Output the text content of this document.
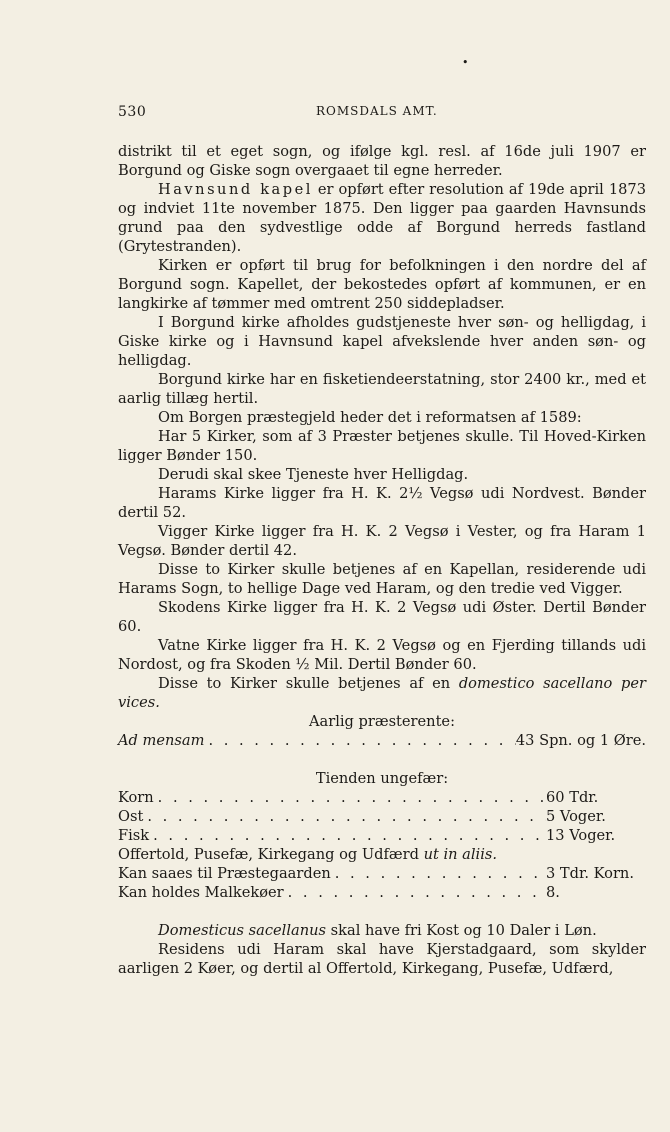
•
530	ROMSDALS AMT.

distrikt til et eget sogn, og ifølge kgl. resl. af 16de juli 1907 er Borgund og Giske sogn overgaaet til egne herreder.

Havnsund kapel er opført efter resolution af 19de april 1873 og indviet 11te november 1875. Den ligger paa gaarden Havnsunds grund paa den sydvestlige odde af Borgund herreds fastland (Grytestranden).

Kirken er opført til brug for befolkningen i den nordre del af Borgund sogn. Kapellet, der bekostedes opført af kommunen, er en langkirke af tømmer med omtrent 250 siddepladser.

I Borgund kirke afholdes gudstjeneste hver søn- og helligdag, i Giske kirke og i Havnsund kapel afvekslende hver anden søn- og helligdag.

Borgund kirke har en fisketiendeerstatning, stor 2400 kr., med et aarlig tillæg hertil.

Om Borgen præstegjeld heder det i reformatsen af 1589:

Har 5 Kirker, som af 3 Præster betjenes skulle. Til Hoved-Kirken ligger Bønder 150.

Derudi skal skee Tjeneste hver Helligdag.

Harams Kirke ligger fra H. K. 2½ Vegsø udi Nordvest. Bønder dertil 52.

Vigger Kirke ligger fra H. K. 2 Vegsø i Vester, og fra Haram 1 Vegsø. Bønder dertil 42.

Disse to Kirker skulle betjenes af en Kapellan, residerende udi Harams Sogn, to hellige Dage ved Haram, og den tredie ved Vigger.

Skodens Kirke ligger fra H. K. 2 Vegsø udi Øster. Dertil Bønder 60.

Vatne Kirke ligger fra H. K. 2 Vegsø og en Fjerding tillands udi Nordost, og fra Skoden ½ Mil. Dertil Bønder 60.

Disse to Kirker skulle betjenes af en domestico sacellano per vices.

Aarlig præsterente:

Ad mensam . . .	43 Spn. og 1 Øre.

Tienden ungefær:

Korn . . .	60 Tdr.
Ost . . .	5 Voger.
Fisk . . .	13 Voger.

Offertold, Pusefæ, Kirkegang og Udfærd ut in aliis.

Kan saaes til Præstegaarden . . .	3 Tdr. Korn.
Kan holdes Malkekøer . . .	8.

Domesticus sacellanus skal have fri Kost og 10 Daler i Løn.

Residens udi Haram skal have Kjerstadgaard, som skylder aarligen 2 Køer, og dertil al Offertold, Kirkegang, Pusefæ, Udfærd,
